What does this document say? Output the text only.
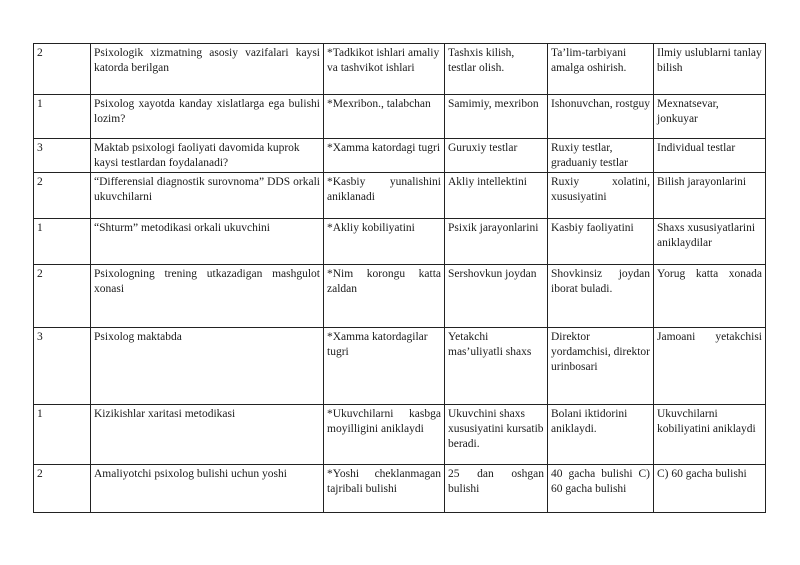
2	Psixologik xizmatning asosiy vazifalari kaysi katorda berilgan	*Tadkikot ishlari amaliy va tashvikot ishlari	Tashxis kilish, testlar olish.	Ta’lim-tarbiyani amalga oshirish.	Ilmiy uslublarni tanlay bilish
1	Psixolog xayotda kanday xislatlarga ega bulishi lozim?	*Mexribon., talabchan	Samimiy, mexribon	Ishonuvchan, rostguy	Mexnatsevar, jonkuyar
3	Maktab psixologi faoliyati davomida kuprok kaysi testlardan foydalanadi?	*Xamma katordagi tugri	Guruxiy testlar	Ruxiy testlar, graduaniy testlar	Individual testlar
2	“Differensial diagnostik surovnoma” DDS orkali ukuvchilarni	*Kasbiy yunalishini aniklanadi	Akliy intellektini	Ruxiy xolatini, xususiyatini	Bilish jarayonlarini
1	“Shturm” metodikasi orkali ukuvchini	*Akliy kobiliyatini	Psixik jarayonlarini	Kasbiy faoliyatini	Shaxs xususiyatlarini aniklaydilar
2	Psixologning trening utkazadigan mashgulot xonasi	*Nim korongu katta zaldan	Sershovkun joydan	Shovkinsiz joydan iborat buladi.	Yorug katta xonada
3	Psixolog maktabda	*Xamma katordagilar tugri	Yetakchi mas’uliyatli shaxs	Direktor yordamchisi, direktor urinbosari	Jamoani yetakchisi
1	Kizikishlar xaritasi metodikasi	*Ukuvchilarni kasbga moyilligini aniklaydi	Ukuvchini shaxs xususiyatini kursatib beradi.	Bolani iktidorini aniklaydi.	Ukuvchilarni kobiliyatini aniklaydi
2	Amaliyotchi psixolog bulishi uchun yoshi	*Yoshi cheklanmagan tajribali bulishi	25 dan oshgan bulishi	40 gacha bulishi C) 60 gacha bulishi	C) 60 gacha bulishi
